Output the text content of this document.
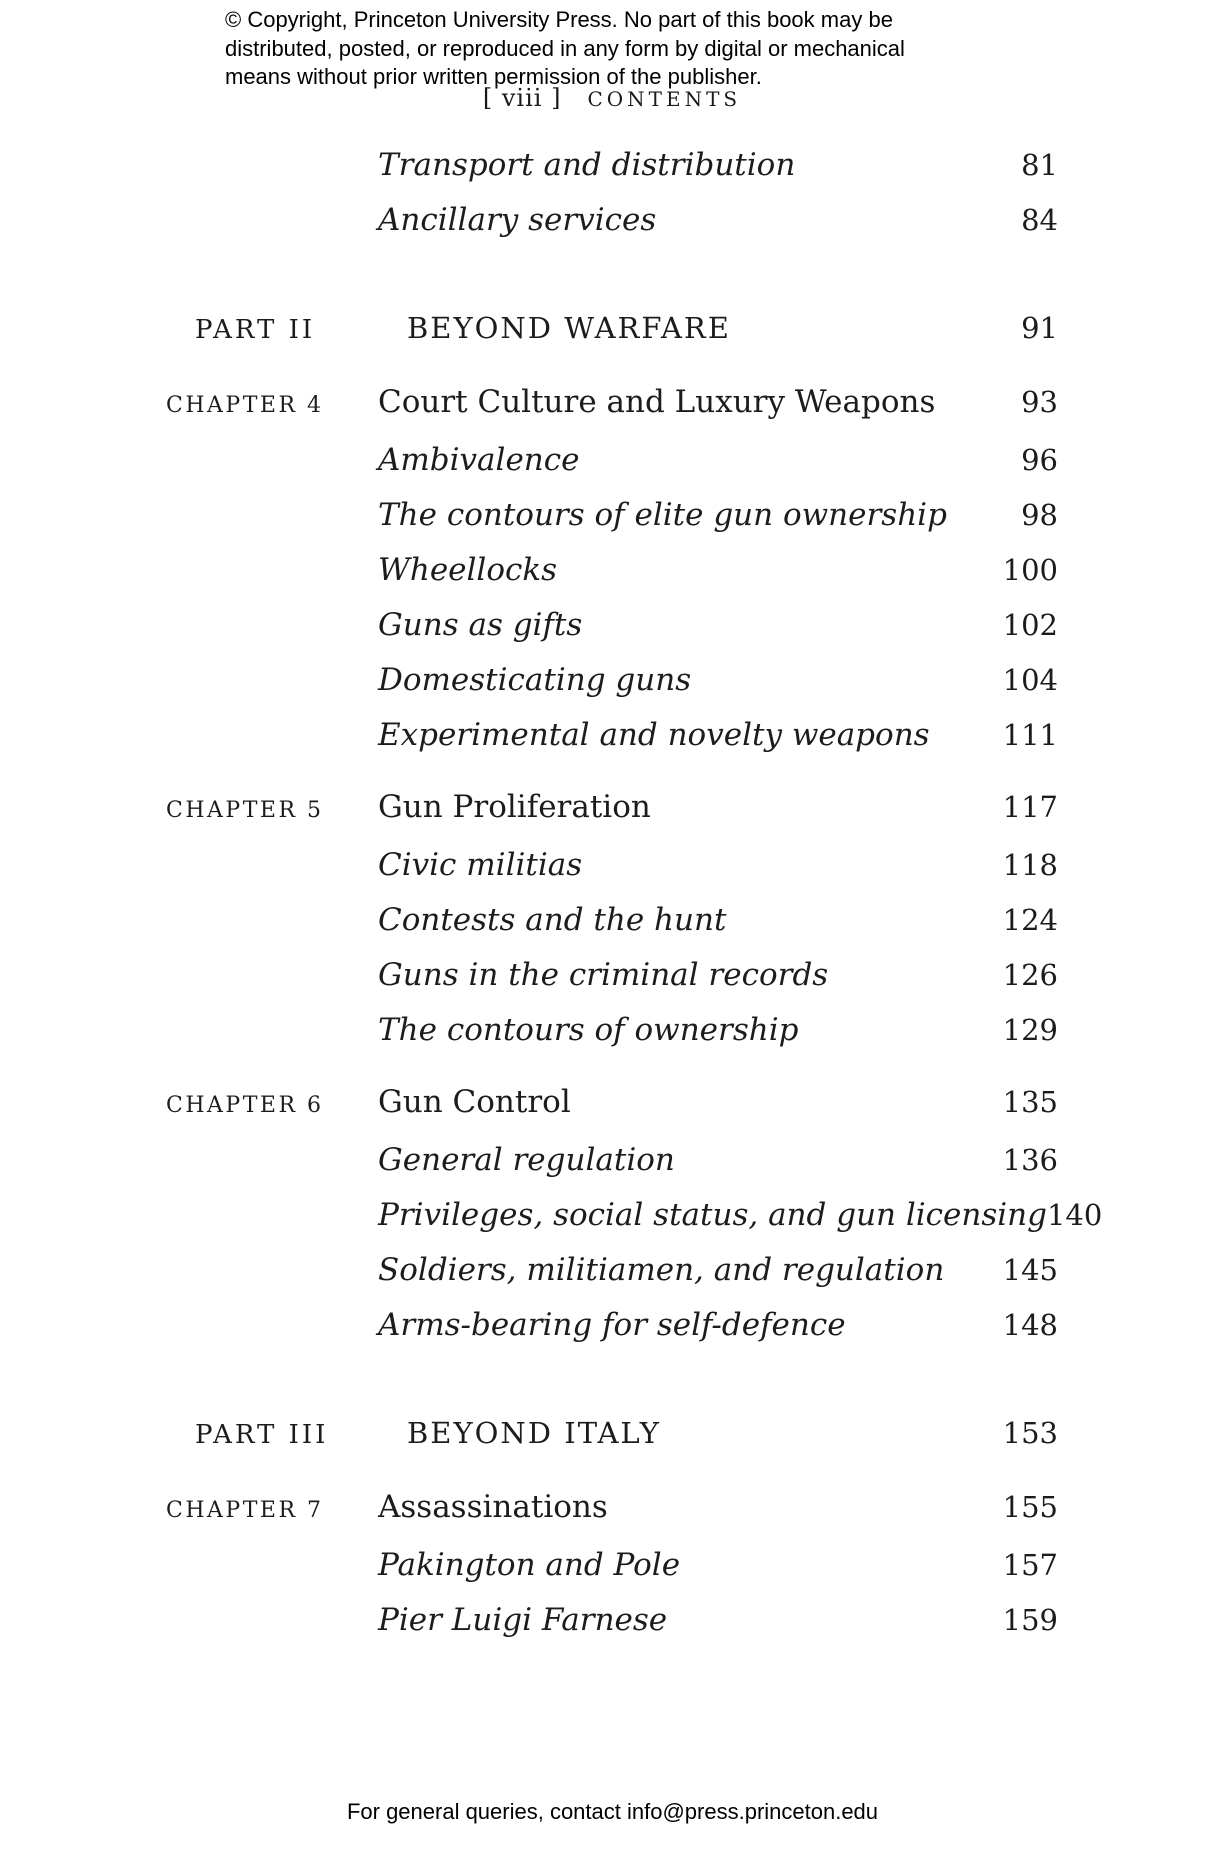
© Copyright, Princeton University Press. No part of this book may be
distributed, posted, or reproduced in any form by digital or mechanical
means without prior written permission of the publisher.
[ viii ] CONTENTS
Transport and distribution	81
Ancillary services	84
PART II	BEYOND WARFARE	91
CHAPTER 4	Court Culture and Luxury Weapons	93
Ambivalence	96
The contours of elite gun ownership	98
Wheellocks	100
Guns as gifts	102
Domesticating guns	104
Experimental and novelty weapons	111
CHAPTER 5	Gun Proliferation	117
Civic militias	118
Contests and the hunt	124
Guns in the criminal records	126
The contours of ownership	129
CHAPTER 6	Gun Control	135
General regulation	136
Privileges, social status, and gun licensing 140
Soldiers, militiamen, and regulation	145
Arms-bearing for self-defence	148
PART III	BEYOND ITALY	153
CHAPTER 7	Assassinations	155
Pakington and Pole	157
Pier Luigi Farnese	159
For general queries, contact info@press.princeton.edu
